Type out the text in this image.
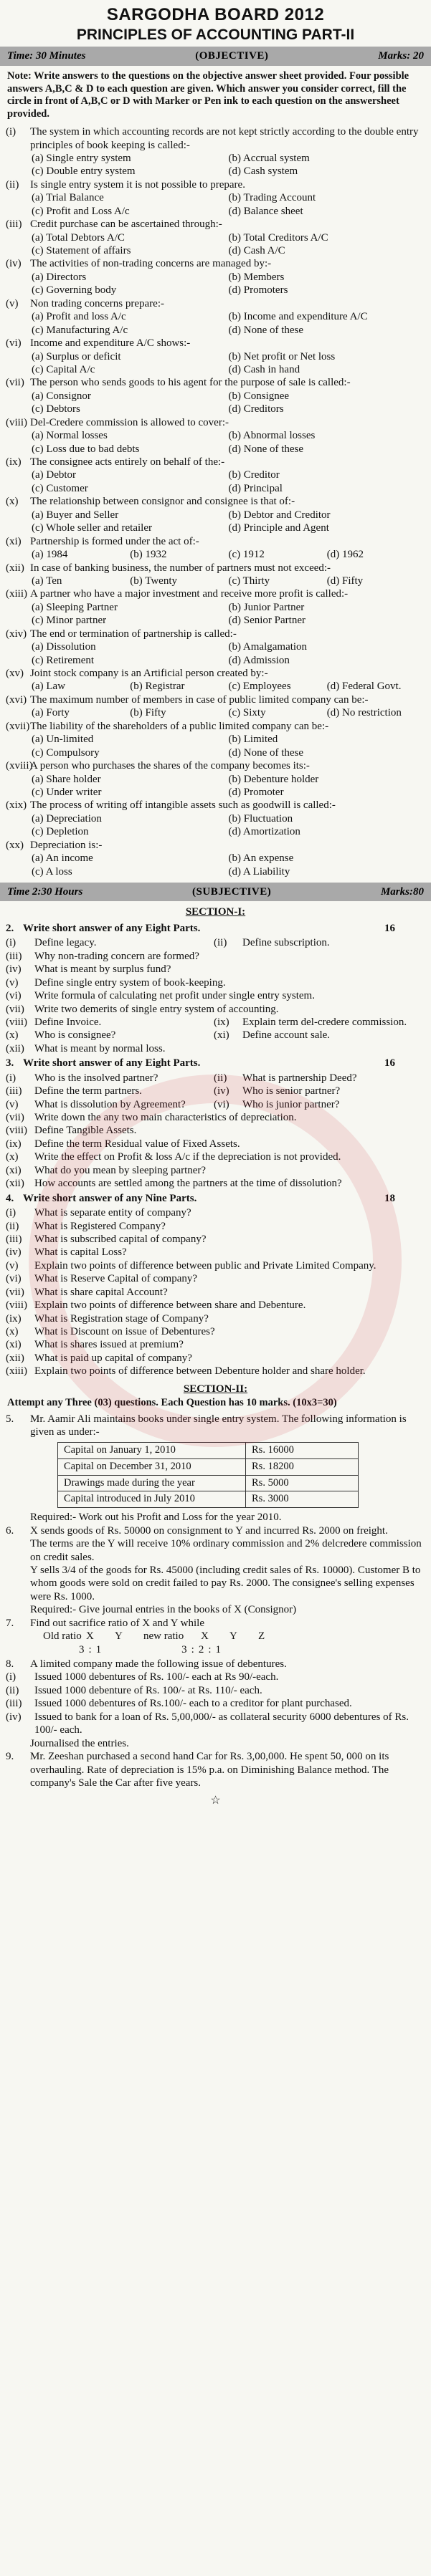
SARGODHA BOARD 2012
PRINCIPLES OF ACCOUNTING PART-II
Time: 30 Minutes	(OBJECTIVE)	Marks: 20
Note: Write answers to the questions on the objective answer sheet provided. Four possible answers A,B,C & D to each question are given. Which answer you consider correct, fill the circle in front of A,B,C or D with Marker or Pen ink to each question on the answersheet provided.
(i)	The system in which accounting records are not kept strictly according to the double entry principles of book keeping is called:-
(a) Single entry system	(b) Accrual system
(c) Double entry system	(d) Cash system
(ii)	Is single entry system it is not possible to prepare.
(a) Trial Balance	(b) Trading Account
(c) Profit and Loss A/c	(d) Balance sheet
(iii) Credit purchase can be ascertained through:-
(a) Total Debtors A/C	(b) Total Creditors A/C
(c) Statement of affairs	(d) Cash A/C
(iv) The activities of non-trading concerns are managed by:-
(a) Directors	(b) Members
(c) Governing body	(d) Promoters
(v)	Non trading concerns prepare:-
(a) Profit and loss A/c	(b) Income and expenditure A/C
(c) Manufacturing A/c	(d) None of these
(vi) Income and expenditure A/C shows:-
(a) Surplus or deficit	(b) Net profit or Net loss
(c) Capital A/c	(d) Cash in hand
(vii) The person who sends goods to his agent for the purpose of sale is called:-
(a) Consignor	(b) Consignee
(c) Debtors	(d) Creditors
(viii) Del-Credere commission is allowed to cover:-
(a) Normal losses	(b) Abnormal losses
(c) Loss due to bad debts	(d) None of these
(ix) The consignee acts entirely on behalf of the:-
(a) Debtor	(b) Creditor
(c) Customer	(d) Principal
(x)	The relationship between consignor and consignee is that of:-
(a) Buyer and Seller	(b) Debtor and Creditor
(c) Whole seller and retailer	(d) Principle and Agent
(xi) Partnership is formed under the act of:-
(a) 1984	(b) 1932	(c) 1912	(d) 1962
(xii) In case of banking business, the number of partners must not exceed:-
(a) Ten	(b) Twenty	(c) Thirty	(d) Fifty
(xiii) A partner who have a major investment and receive more profit is called:-
(a) Sleeping Partner	(b) Junior Partner
(c) Minor partner	(d) Senior Partner
(xiv) The end or termination of partnership is called:-
(a) Dissolution	(b) Amalgamation
(c) Retirement	(d) Admission
(xv) Joint stock company is an Artificial person created by:-
(a) Law	(b) Registrar	(c) Employees	(d) Federal Govt.
(xvi) The maximum number of members in case of public limited company can be:-
(a) Forty	(b) Fifty	(c) Sixty	(d) No restriction
(xvii) The liability of the shareholders of a public limited company can be:-
(a) Un-limited	(b) Limited
(c) Compulsory	(d) None of these
(xviii)
A person who purchases the shares of the company becomes its:-
(a) Share holder	(b) Debenture holder
(c) Under writer	(d) Promoter
(xix) The process of writing off intangible assets such as goodwill is called:-
(a) Depreciation	(b) Fluctuation
(c) Depletion	(d) Amortization
(xx) Depreciation is:-
(a) An income	(b) An expense
(c) A loss	(d) A Liability
Time 2:30 Hours	(SUBJECTIVE)	Marks:80
SECTION-I:
2. Write short answer of any Eight Parts.	16
(i)	Define legacy.	(ii)	Define subscription.
(iii)	Why non-trading concern are formed?
(iv)	What is meant by surplus fund?
(v)	Define single entry system of book-keeping.
(vi)	Write formula of calculating net profit under single entry system.
(vii) Write two demerits of single entry system of accounting.
(viii) Define Invoice.	(ix)	Explain term del-credere commission.
(x)	Who is consignee?	(xi)	Define account sale.
(xii) What is meant by normal loss.
3. Write short answer of any Eight Parts.	16
(i)	Who is the insolved partner?	(ii)	What is partnership Deed?
(iii)	Define the term partners.	(iv)	Who is senior partner?
(v)	What is dissolution by Agreement?	(vi)	Who is junior partner?
(vii) Write down the any two main characteristics of depreciation.
(viii) Define Tangible Assets.
(ix)	Define the term Residual value of Fixed Assets.
(x)	Write the effect on Profit & loss A/c if the depreciation is not provided.
(xi)	What do you mean by sleeping partner?
(xii) How accounts are settled among the partners at the time of dissolution?
4. Write short answer of any Nine Parts.	18
(i)	What is separate entity of company?
(ii)	What is Registered Company?
(iii)	What is subscribed capital of company?
(iv)	What is capital Loss?
(v)	Explain two points of difference between public and Private Limited Company.
(vi)	What is Reserve Capital of company?
(vii) What is share capital Account?
(viii) Explain two points of difference between share and Debenture.
(ix)	What is Registration stage of Company?
(x)	What is Discount on issue of Debentures?
(xi)	What is shares issued at premium?
(xii) What is paid up capital of company?
(xiii) Explain two points of difference between Debenture holder and share holder.
SECTION-II:
Attempt any Three (03) questions. Each Question has 10 marks. (10x3=30)
5.	Mr. Aamir Ali maintains books under single entry system. The following information is given as under:-
Capital on January 1, 2010	Rs. 16000
Capital on December 31, 2010	Rs. 18200
Drawings made during the year	Rs. 5000
Capital introduced in July 2010	Rs. 3000
Required:- Work out his Profit and Loss for the year 2010.
6.	X sends goods of Rs. 50000 on consignment to Y and incurred Rs. 2000 on freight.
The terms are the Y will receive 10% ordinary commission and 2% delcredere commission on credit sales.
Y sells 3/4 of the goods for Rs. 45000 (including credit sales of Rs. 10000). Customer B to whom goods were sold on credit failed to pay Rs. 2000. The consignee's selling expenses were Rs. 1000.
Required:- Give journal entries in the books of X (Consignor)
7.	Find out sacrifice ratio of X and Y while
Old ratio X	Y	new ratio	X	Y	Z
3 : 1	3 : 2 : 1
8.	A limited company made the following issue of debentures.
(i)	Issued 1000 debentures of Rs. 100/- each at Rs 90/-each.
(ii)	Issued 1000 debenture of Rs. 100/- at Rs. 110/- each.
(iii)	Issued 1000 debentures of Rs.100/- each to a creditor for plant purchased.
(iv)	Issued to bank for a loan of Rs. 5,00,000/- as collateral security 6000 debentures of Rs. 100/- each.
Journalised the entries.
9.	Mr. Zeeshan purchased a second hand Car for Rs. 3,00,000. He spent 50, 000 on its overhauling. Rate of depreciation is 15% p.a. on Diminishing Balance method. The company's Sale the Car after five years.
☆
